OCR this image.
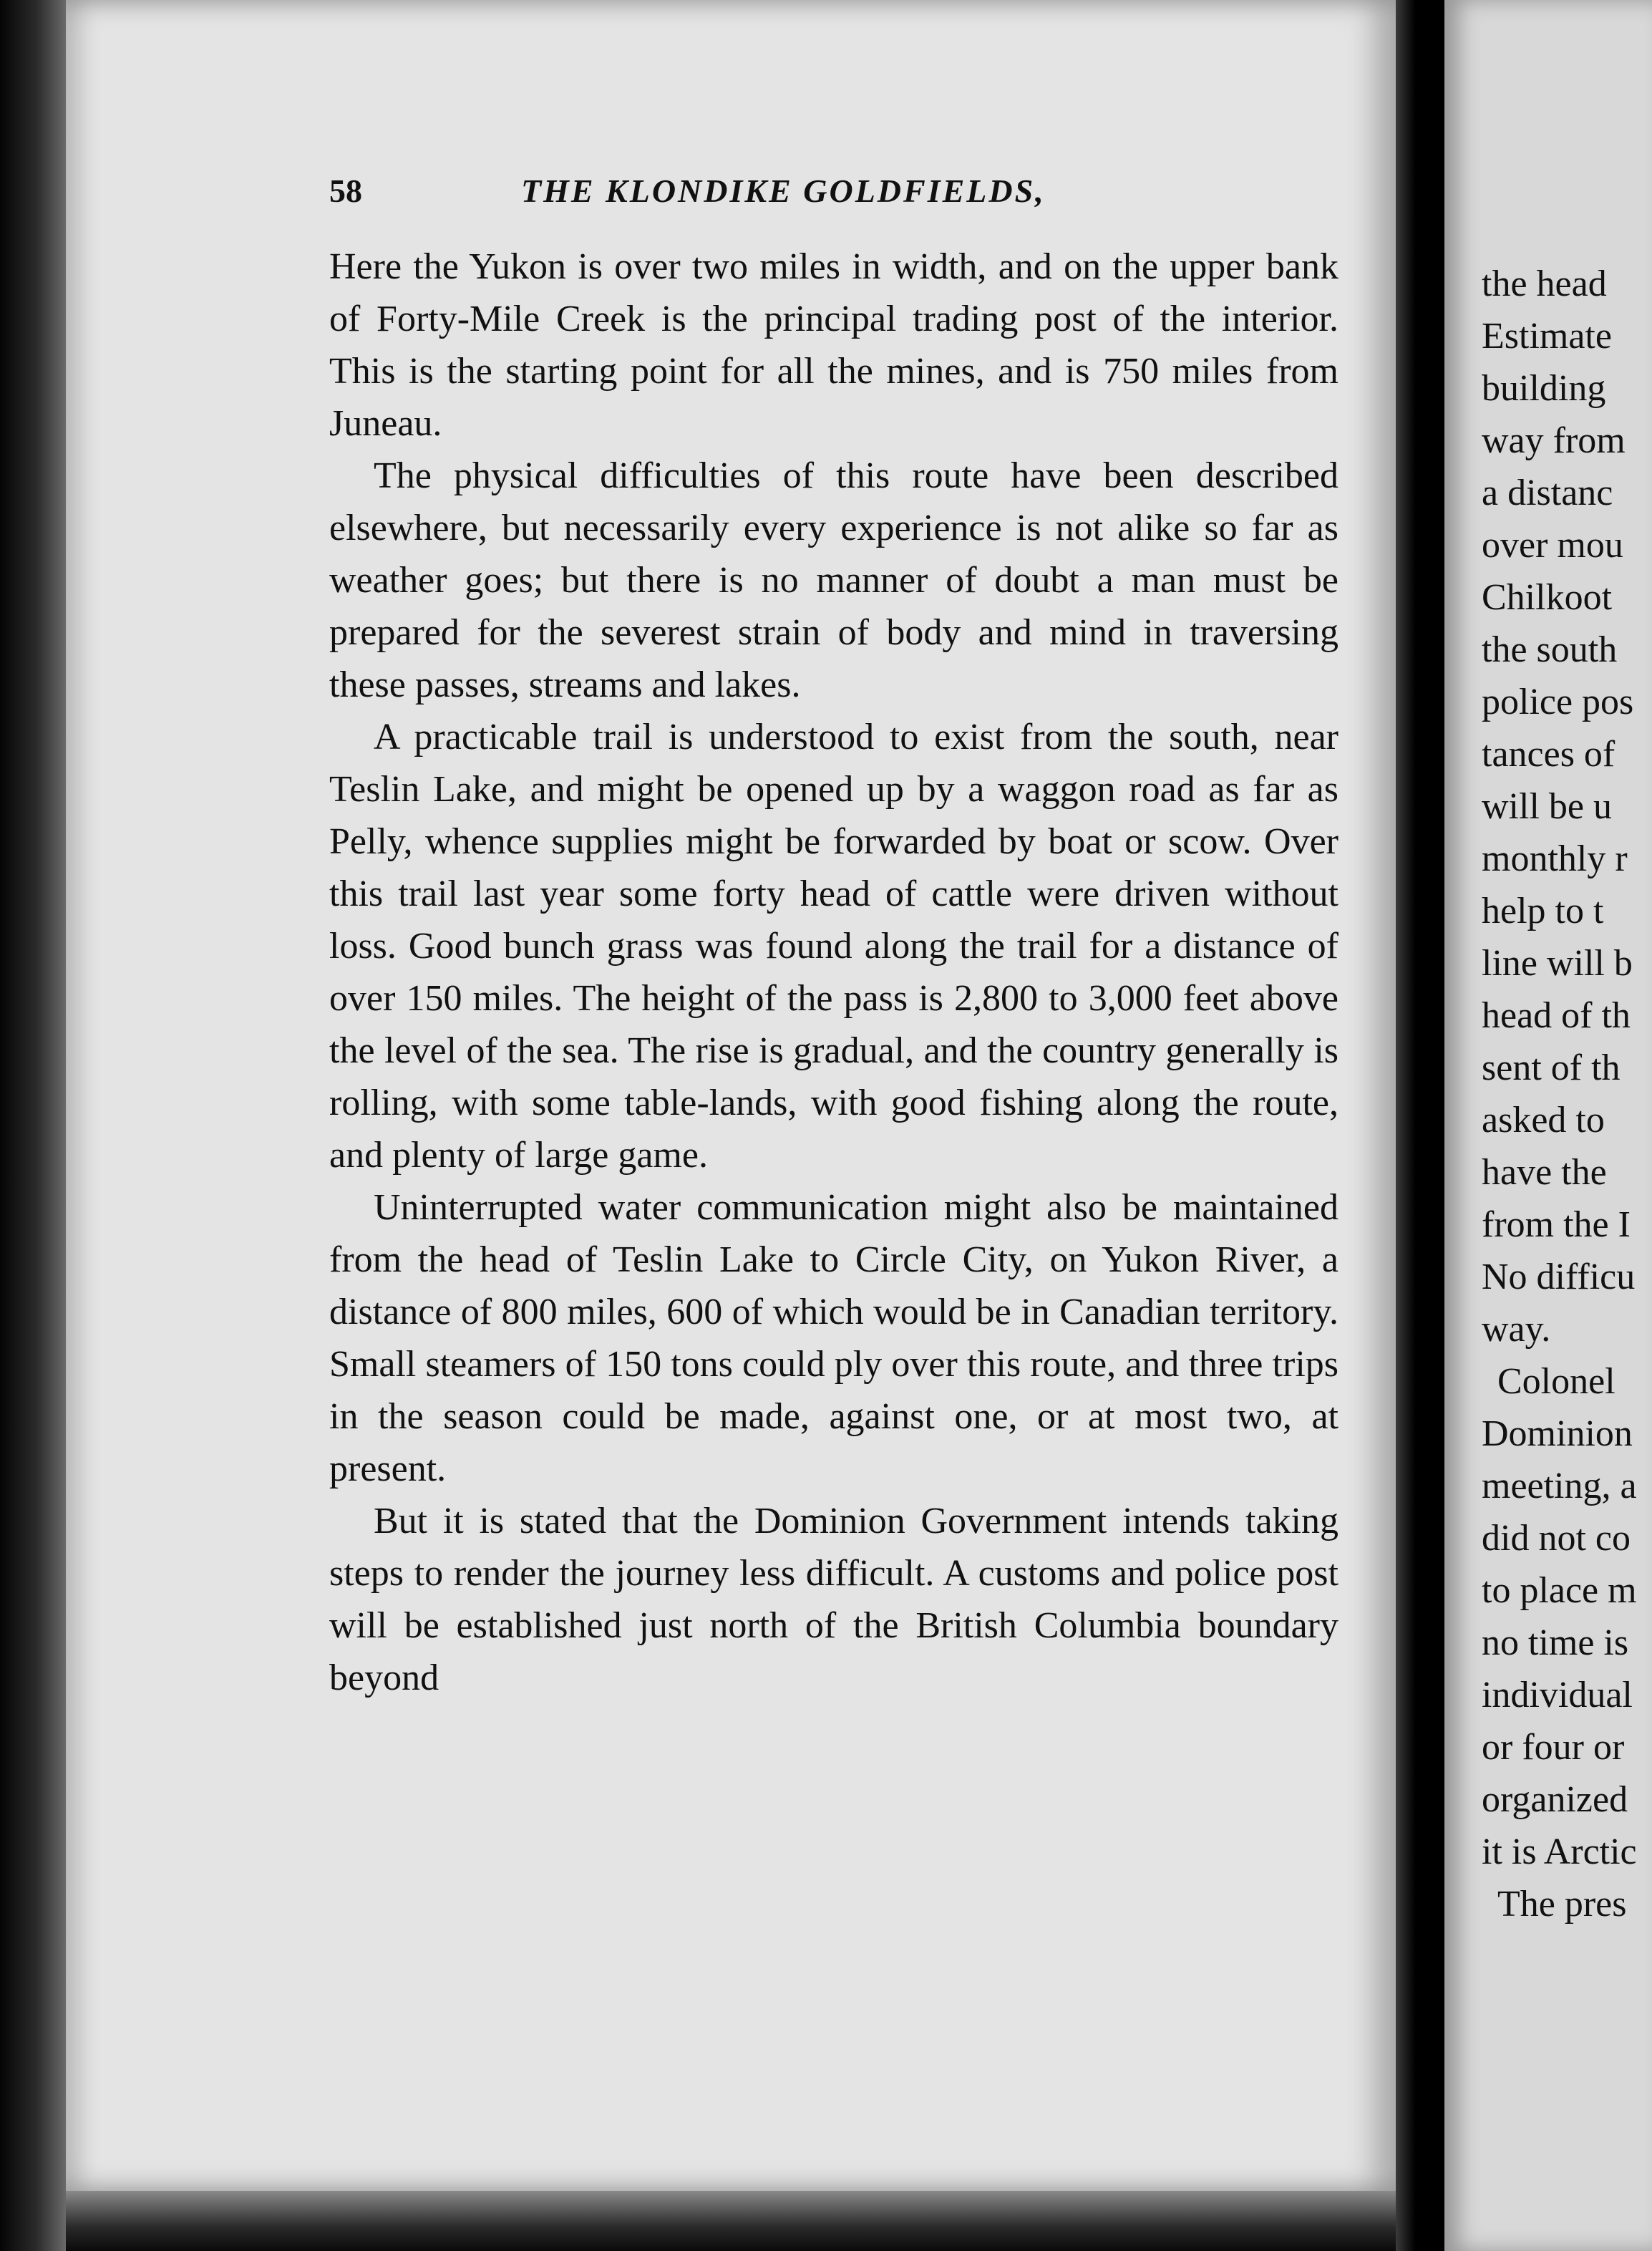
58	THE KLONDIKE GOLDFIELDS,

Here the Yukon is over two miles in width, and on the upper bank of Forty-Mile Creek is the principal trading post of the interior. This is the starting point for all the mines, and is 750 miles from Juneau.

The physical difficulties of this route have been described elsewhere, but necessarily every experience is not alike so far as weather goes; but there is no manner of doubt a man must be prepared for the severest strain of body and mind in traversing these passes, streams and lakes.

A practicable trail is understood to exist from the south, near Teslin Lake, and might be opened up by a waggon road as far as Pelly, whence supplies might be forwarded by boat or scow. Over this trail last year some forty head of cattle were driven without loss. Good bunch grass was found along the trail for a distance of over 150 miles. The height of the pass is 2,800 to 3,000 feet above the level of the sea. The rise is gradual, and the country generally is rolling, with some table-lands, with good fishing along the route, and plenty of large game.

Uninterrupted water communication might also be maintained from the head of Teslin Lake to Circle City, on Yukon River, a distance of 800 miles, 600 of which would be in Canadian territory. Small steamers of 150 tons could ply over this route, and three trips in the season could be made, against one, or at most two, at present.

But it is stated that the Dominion Government intends taking steps to render the journey less difficult. A customs and police post will be established just north of the British Columbia boundary beyond

the head
Estimate
building
way from
a distanc
over mou
Chilkoot
the south
police pos
tances of
will be u
monthly r
help to t
line will b
head of th
sent of th
asked to
have the
from the I
No difficu
way.
Colonel
Dominion
meeting, a
did not co
to place m
no time is
individual
or four or
organized
it is Arctic
The pres
